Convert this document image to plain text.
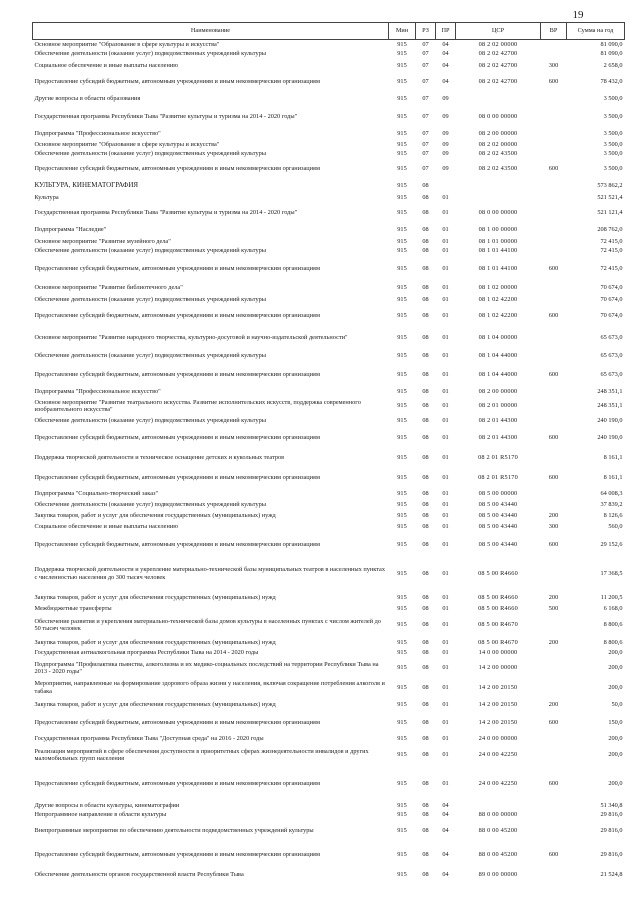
19
Наименование	Мин	РЗ	ПР	ЦСР	ВР	Сумма на год
Основное мероприятие "Образование в сфере культуры и искусства"	915	07	04	08 2 02 00000		81 090,0
Обеспечение деятельности (оказание услуг) подведомственных учреждений культуры	915	07	04	08 2 02 42700		81 090,0
Социальное обеспечение и иные выплаты населению	915	07	04	08 2 02 42700	300	2 658,0
Предоставление субсидий бюджетным, автономным учреждениям и иным некоммерческим организациям	915	07	04	08 2 02 42700	600	78 432,0
Другие вопросы в области образования	915	07	09			3 500,0
Государственная программа Республики Тыва "Развитие культуры и туризма на 2014 - 2020 годы"	915	07	09	08 0 00 00000		3 500,0
Подпрограмма "Профессиональное искусство"	915	07	09	08 2 00 00000		3 500,0
Основное мероприятие "Образование в сфере культуры и искусства"	915	07	09	08 2 02 00000		3 500,0
Обеспечение деятельности (оказание услуг) подведомственных учреждений культуры	915	07	09	08 2 02 43500		3 500,0
Предоставление субсидий бюджетным, автономным учреждениям и иным некоммерческим организациям	915	07	09	08 2 02 43500	600	3 500,0
КУЛЬТУРА, КИНЕМАТОГРАФИЯ	915	08				573 862,2
Культура	915	08	01			521 521,4
Государственная программа Республики Тыва "Развитие культуры и туризма на 2014 - 2020 годы"	915	08	01	08 0 00 00000		521 121,4
Подпрограмма "Наследие"	915	08	01	08 1 00 00000		208 762,0
Основное мероприятие "Развитие музейного дела"	915	08	01	08 1 01 00000		72 415,0
Обеспечение деятельности (оказание услуг) подведомственных учреждений культуры	915	08	01	08 1 01 44100		72 415,0
Предоставление субсидий бюджетным, автономным учреждениям и иным некоммерческим организациям	915	08	01	08 1 01 44100	600	72 415,0
Основное мероприятие "Развитие библиотечного дела"	915	08	01	08 1 02 00000		70 674,0
Обеспечение деятельности (оказание услуг) подведомственных учреждений культуры	915	08	01	08 1 02 42200		70 674,0
Предоставление субсидий бюджетным, автономным учреждениям и иным некоммерческим организациям	915	08	01	08 1 02 42200	600	70 674,0
Основное мероприятие "Развитие народного творчества, культурно-досуговой и научно-издательской деятельности"	915	08	01	08 1 04 00000		65 673,0
Обеспечение деятельности (оказание услуг) подведомственных учреждений культуры	915	08	01	08 1 04 44000		65 673,0
Предоставление субсидий бюджетным, автономным учреждениям и иным некоммерческим организациям	915	08	01	08 1 04 44000	600	65 673,0
Подпрограмма "Профессиональное искусство"	915	08	01	08 2 00 00000		248 351,1
Основное мероприятие "Развитие театрального искусства. Развитие исполнительских искусств, поддержка современного изобразительного искусства"	915	08	01	08 2 01 00000		248 351,1
Обеспечение деятельности (оказание услуг) подведомственных учреждений культуры	915	08	01	08 2 01 44300		240 190,0
Предоставление субсидий бюджетным, автономным учреждениям и иным некоммерческим организациям	915	08	01	08 2 01 44300	600	240 190,0
Поддержка творческой деятельности и техническое оснащение детских и кукольных театров	915	08	01	08 2 01 R5170		8 161,1
Предоставление субсидий бюджетным, автономным учреждениям и иным некоммерческим организациям	915	08	01	08 2 01 R5170	600	8 161,1
Подпрограмма "Социально-творческий заказ"	915	08	01	08 5 00 00000		64 008,3
Обеспечение деятельности (оказание услуг) подведомственных учреждений культуры	915	08	01	08 5 00 43440		37 839,2
Закупка товаров, работ и услуг для обеспечения государственных (муниципальных) нужд	915	08	01	08 5 00 43440	200	8 126,6
Социальное обеспечение и иные выплаты населению	915	08	01	08 5 00 43440	300	560,0
Предоставление субсидий бюджетным, автономным учреждениям и иным некоммерческим организациям	915	08	01	08 5 00 43440	600	29 152,6
Поддержка творческой деятельности и укрепление материально-технической базы муниципальных театров в населенных пунктах с численностью населения до 300 тысяч человек	915	08	01	08 5 00 R4660		17 368,5
Закупка товаров, работ и услуг для обеспечения государственных (муниципальных) нужд	915	08	01	08 5 00 R4660	200	11 200,5
Межбюджетные трансферты	915	08	01	08 5 00 R4660	500	6 168,0
Обеспечение развития и укрепления материально-технической базы домов культуры в населенных пунктах с числом жителей до 50 тысяч человек	915	08	01	08 5 00 R4670		8 800,6
Закупка товаров, работ и услуг для обеспечения государственных (муниципальных) нужд	915	08	01	08 5 00 R4670	200	8 800,6
Государственная антиалкогольная программа Республики Тыва на 2014 - 2020 годы	915	08	01	14 0 00 00000		200,0
Подпрограмма "Профилактика пьянства, алкоголизма и их медико-социальных последствий на территории Республики Тыва на 2013 - 2020 годы"	915	08	01	14 2 00 00000		200,0
Мероприятия, направленные на формирование здорового образа жизни у населения, включая сокращение потребления алкоголя и табака	915	08	01	14 2 00 20150		200,0
Закупка товаров, работ и услуг для обеспечения государственных (муниципальных) нужд	915	08	01	14 2 00 20150	200	50,0
Предоставление субсидий бюджетным, автономным учреждениям и иным некоммерческим организациям	915	08	01	14 2 00 20150	600	150,0
Государственная программа Республики Тыва "Доступная среда" на 2016 - 2020 годы	915	08	01	24 0 00 00000		200,0
Реализация мероприятий в сфере обеспечения доступности в приоритетных сферах жизнедеятельности инвалидов и других маломобильных групп населения	915	08	01	24 0 00 42250		200,0
Предоставление субсидий бюджетным, автономным учреждениям и иным некоммерческим организациям	915	08	01	24 0 00 42250	600	200,0
Другие вопросы в области культуры, кинематографии	915	08	04			51 340,8
Непрограммное направление в области культуры	915	08	04	88 0 00 00000		29 816,0
Внепрограммные мероприятия по обеспечению деятельности подведомственных учреждений культуры	915	08	04	88 0 00 45200		29 816,0
Предоставление субсидий бюджетным, автономным учреждениям и иным некоммерческим организациям	915	08	04	88 0 00 45200	600	29 816,0
Обеспечение деятельности органов государственной власти Республики Тыва	915	08	04	89 0 00 00000		21 524,8
